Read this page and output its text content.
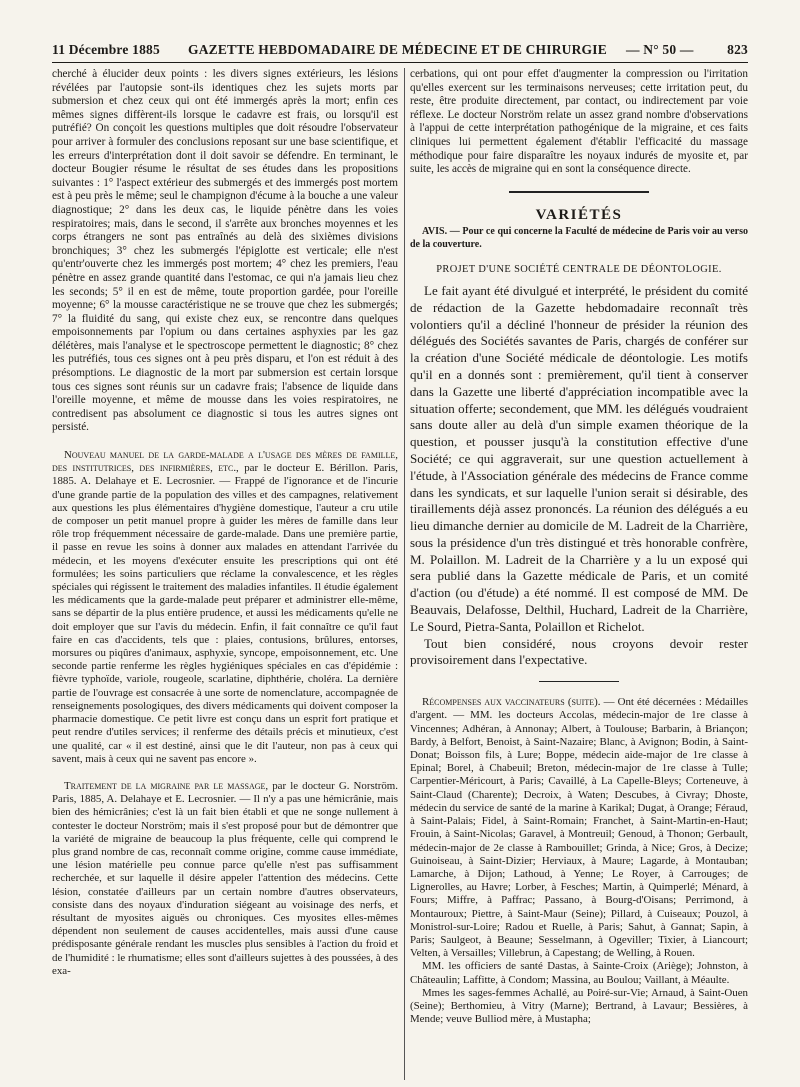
11 Décembre 1885 GAZETTE HEBDOMADAIRE DE MÉDECINE ET DE CHIRURGIE — N° 50 — 823

cherché à élucider deux points : les divers signes extérieurs, les lésions révélées par l'autopsie sont-ils identiques chez les sujets morts par submersion et chez ceux qui ont été immergés après la mort; enfin ces mêmes signes diffèrent-ils lorsque le cadavre est frais, ou lorsqu'il est putréfié? On conçoit les questions multiples que doit résoudre l'observateur pour arriver à formuler des conclusions reposant sur une base scientifique, et les erreurs d'interprétation dont il doit savoir se défendre. En terminant, le docteur Bougier résume le résultat de ses études dans les propositions suivantes : 1° l'aspect extérieur des submergés et des immergés post mortem est à peu près le même; seul le champignon d'écume à la bouche a une valeur diagnostique; 2° dans les deux cas, le liquide pénètre dans les voies respiratoires; mais, dans le second, il s'arrête aux bronches moyennes et les corps étrangers ne sont pas entraînés au delà des sixièmes divisions bronchiques; 3° chez les submergés l'épiglotte est verticale; elle n'est qu'entr'ouverte chez les immergés post mortem; 4° chez les premiers, l'eau pénètre en assez grande quantité dans l'estomac, ce qui n'a jamais lieu chez les seconds; 5° il en est de même, toute proportion gardée, pour l'oreille moyenne; 6° la mousse caractéristique ne se trouve que chez les submergés; 7° la fluidité du sang, qui existe chez eux, se rencontre dans quelques empoisonnements par l'opium ou dans certaines asphyxies par les gaz délétères, mais l'analyse et le spectroscope permettent le diagnostic; 8° chez les putréfiés, tous ces signes ont à peu près disparu, et l'on est réduit à des présomptions. Le diagnostic de la mort par submersion est certain lorsque tous ces signes sont réunis sur un cadavre frais; l'absence de liquide dans l'oreille moyenne, et même de mousse dans les voies respiratoires, ne contredisent pas absolument ce diagnostic si tous les autres signes ont persisté.

Nouveau manuel de la garde-malade a l'usage des mères de famille, des institutrices, des infirmières, etc., par le docteur E. Bérillon. Paris, 1885. A. Delahaye et E. Lecrosnier. — Frappé de l'ignorance et de l'incurie d'une grande partie de la population des villes et des campagnes, relativement aux questions les plus élémentaires d'hygiène domestique, l'auteur a cru utile de composer un petit manuel propre à guider les mères de famille dans leur rôle trop fréquemment nécessaire de garde-malade. Dans une première partie, il passe en revue les soins à donner aux malades en attendant l'arrivée du médecin, et les moyens d'exécuter ensuite les prescriptions qui ont été formulées; les soins particuliers que réclame la convalescence, et les règles spéciales qui régissent le traitement des maladies infantiles. Il étudie également les médicaments que la garde-malade peut préparer et administrer elle-même, sans se départir de la plus entière prudence, et aussi les médicaments qu'elle ne doit employer que sur l'avis du médecin. Enfin, il fait connaître ce qu'il faut faire en cas d'accidents, tels que : plaies, contusions, brûlures, entorses, morsures ou piqûres d'animaux, asphyxie, syncope, empoisonnement, etc. Une seconde partie renferme les règles hygiéniques spéciales en cas d'épidémie : fièvre typhoïde, variole, rougeole, scarlatine, diphthérie, choléra. La dernière partie de l'ouvrage est consacrée à une sorte de nomenclature, accompagnée de renseignements posologiques, des divers médicaments qui doivent composer la pharmacie domestique. Ce petit livre est conçu dans un esprit fort pratique et peut rendre d'utiles services; il renferme des détails précis et minutieux, c'est une qualité, car « il est destiné, ainsi que le dit l'auteur, non pas à ceux qui savent, mais à ceux qui ne savent pas encore ».

Traitement de la migraine par le massage, par le docteur G. Norström. Paris, 1885, A. Delahaye et E. Lecrosnier. — Il n'y a pas une hémicrânie, mais bien des hémicrânies; c'est là un fait bien établi et que ne songe nullement à contester le docteur Norström; mais il s'est proposé pour but de démontrer que la variété de migraine de beaucoup la plus fréquente, celle qui comprend le plus grand nombre de cas, reconnaît comme origine, comme cause immédiate, une lésion matérielle peu connue parce qu'elle n'est pas suffisamment recherchée, et sur laquelle il désire appeler l'attention des médecins. Cette lésion, constatée d'ailleurs par un certain nombre d'autres observateurs, consiste dans des noyaux d'induration siégeant au voisinage des nerfs, et résultant de myosites aiguës ou chroniques. Ces myosites elles-mêmes dépendent non seulement de causes accidentelles, mais aussi d'une cause prédisposante générale rendant les muscles plus sensibles à l'action du froid et de l'humidité : le rhumatisme; elles sont d'ailleurs sujettes à des poussées, à des exa-

cerbations, qui ont pour effet d'augmenter la compression ou l'irritation qu'elles exercent sur les terminaisons nerveuses; cette irritation peut, du reste, être produite directement, par contact, ou indirectement par voie réflexe. Le docteur Norström relate un assez grand nombre d'observations à l'appui de cette interprétation pathogénique de la migraine, et ces faits cliniques lui permettent également d'établir l'efficacité du massage méthodique pour faire disparaître les noyaux indurés de myosite et, par suite, les accès de migraine qui en sont la conséquence directe.

VARIÉTÉS

AVIS. — Pour ce qui concerne la Faculté de médecine de Paris voir au verso de la couverture.

PROJET D'UNE SOCIÉTÉ CENTRALE DE DÉONTOLOGIE.

Le fait ayant été divulgué et interprété, le président du comité de rédaction de la Gazette hebdomadaire reconnaît très volontiers qu'il a décliné l'honneur de présider la réunion des délégués des Sociétés savantes de Paris, chargés de conférer sur la création d'une Société médicale de déontologie. Les motifs qu'il en a donnés sont : premièrement, qu'il tient à conserver dans la Gazette une liberté d'appréciation incompatible avec la situation offerte; secondement, que MM. les délégués voudraient sans doute aller au delà d'un simple examen théorique de la question, et pousser jusqu'à la constitution effective d'une Société; ce qui aggraverait, sur une question actuellement à l'étude, à l'Association générale des médecins de France comme dans les syndicats, et sur laquelle l'union serait si désirable, des tiraillements déjà assez prononcés. La réunion des délégués a eu lieu dimanche dernier au domicile de M. Ladreit de la Charrière, sous la présidence d'un très distingué et très honorable confrère, M. Polaillon. M. Ladreit de la Charrière y a lu un exposé qui sera publié dans la Gazette médicale de Paris, et un comité d'action (ou d'étude) a été nommé. Il est composé de MM. De Beauvais, Delafosse, Delthil, Huchard, Ladreit de la Charrière, Le Sourd, Pietra-Santa, Polaillon et Richelot.

Tout bien considéré, nous croyons devoir rester provisoirement dans l'expectative.

Récompenses aux vaccinateurs (suite). — Ont été décernées : Médailles d'argent. — MM. les docteurs Accolas, médecin-major de 1re classe à Vincennes; Adhéran, à Annonay; Albert, à Toulouse; Barbarin, à Briançon; Bardy, à Belfort, Benoist, à Saint-Nazaire; Blanc, à Avignon; Bodin, à Saint-Donat; Boisson fils, à Lure; Boppe, médecin aide-major de 1re classe à Epinal; Borel, à Chabeuil; Breton, médecin-major de 1re classe à Tulle; Carpentier-Méricourt, à Paris; Cavaillé, à La Capelle-Bleys; Corteneuve, à Saint-Claud (Charente); Decroix, à Waten; Descubes, à Civray; Dhoste, médecin du service de santé de la marine à Karikal; Dugat, à Orange; Féraud, à Saint-Palais; Fidel, à Saint-Romain; Franchet, à Saint-Martin-en-Haut; Frouin, à Saint-Nicolas; Garavel, à Montreuil; Genoud, à Thonon; Gerbault, médecin-major de 2e classe à Rambouillet; Grinda, à Nice; Gros, à Decize; Guinoiseau, à Saint-Dizier; Herviaux, à Maure; Lagarde, à Montauban; Lamarche, à Dijon; Lathoud, à Yenne; Le Royer, à Carrouges; de Lignerolles, au Havre; Lorber, à Fesches; Martin, à Quimperlé; Ménard, à Fours; Miffre, à Paffrac; Passano, à Bourg-d'Oisans; Perrimond, à Montauroux; Piettre, à Saint-Maur (Seine); Pillard, à Cuiseaux; Pouzol, à Monistrol-sur-Loire; Radou et Ruelle, à Paris; Sahut, à Gannat; Sapin, à Paris; Saulgeot, à Beaune; Sesselmann, à Ogeviller; Tixier, à Liancourt; Velten, à Versailles; Villebrun, à Capestang; de Welling, à Rouen.

MM. les officiers de santé Dastas, à Sainte-Croix (Ariège); Johnston, à Châteaulin; Laffitte, à Condom; Massina, au Boulou; Vaillant, à Méaulte.

Mmes les sages-femmes Achallé, au Poiré-sur-Vie; Arnaud, à Saint-Ouen (Seine); Berthomieu, à Vitry (Marne); Bertrand, à Lavaur; Bessières, à Mende; veuve Bulliod mère, à Mustapha;
